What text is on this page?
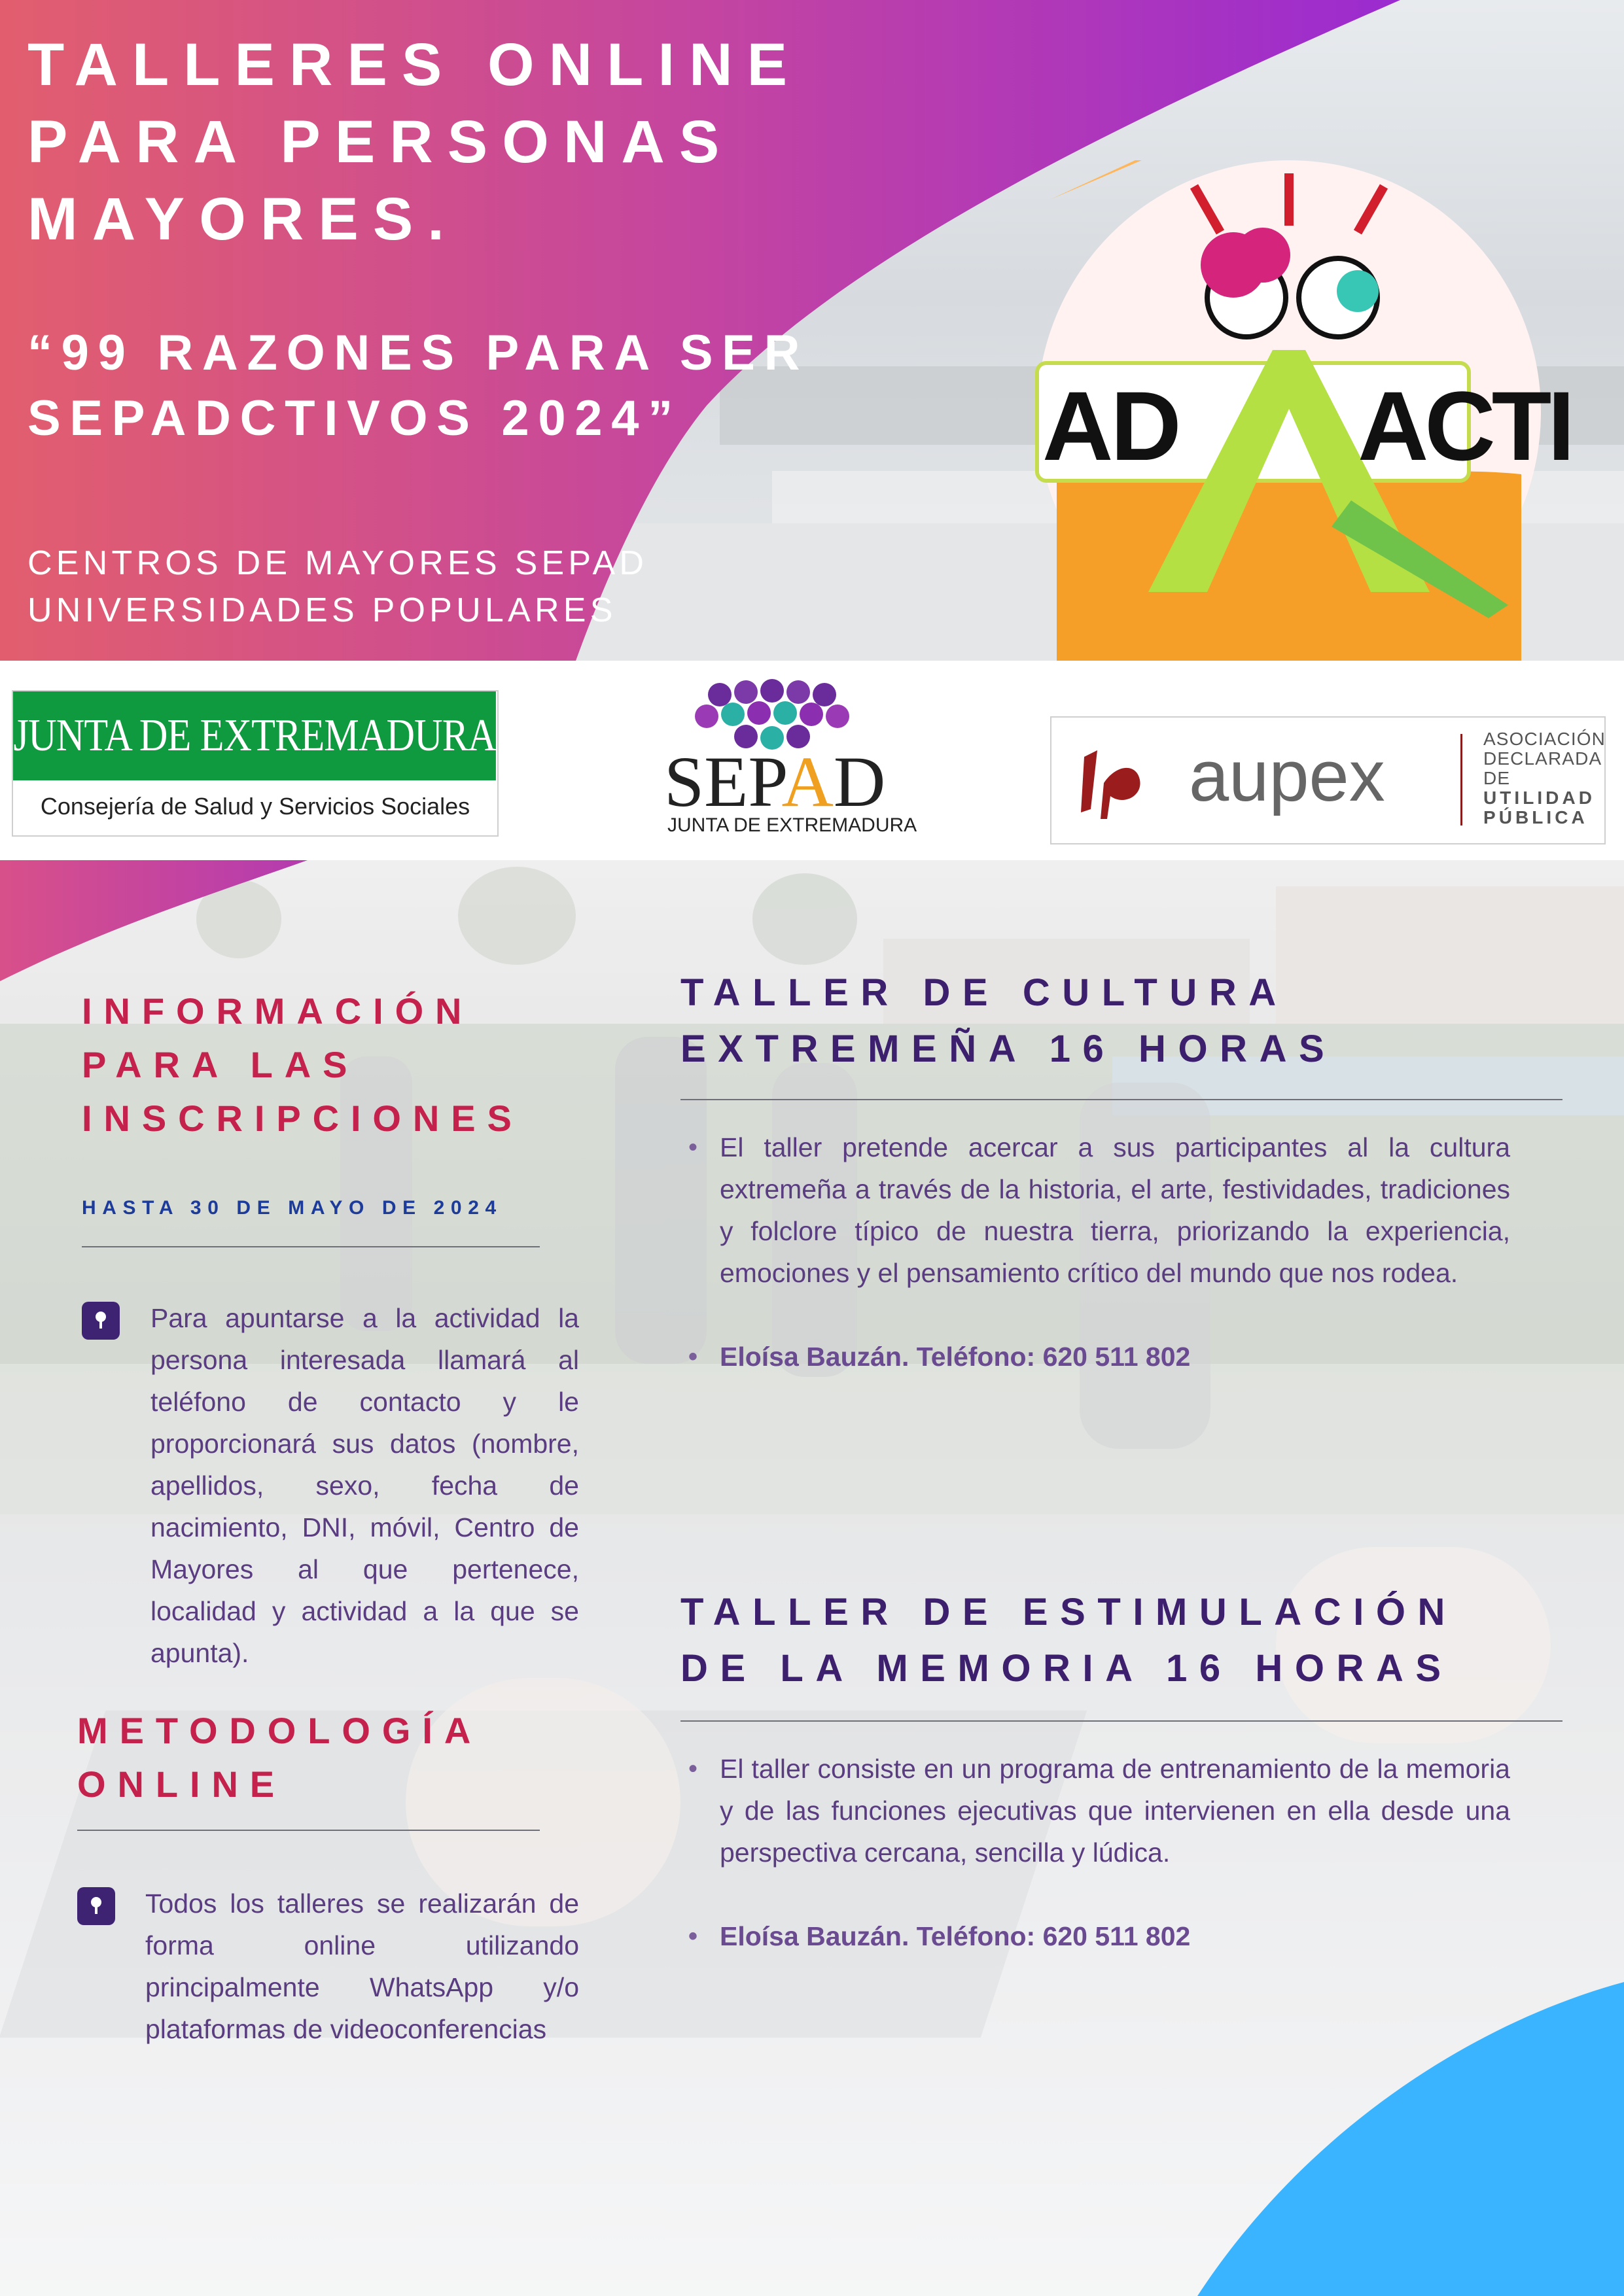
TALLERES ONLINE
PARA PERSONAS
MAYORES.
“99 RAZONES PARA SER
SEPADCTIVOS 2024”
CENTROS DE MAYORES SEPAD
UNIVERSIDADES POPULARES
AD ACTI
JUNTA DE EXTREMADURA
Consejería de Salud y Servicios Sociales	SEPAD
JUNTA DE EXTREMADURA
aupex	ASOCIACIÓN
DECLARADA
DE
UTILIDAD
PÚBLICA
INFORMACIÓN
PARA LAS
INSCRIPCIONES
HASTA 30 DE MAYO DE 2024

Para apuntarse a la actividad la persona interesada llamará al teléfono de contacto y le proporcionará sus datos (nombre, apellidos, sexo, fecha de nacimiento, DNI, móvil, Centro de Mayores al que pertenece, localidad y actividad a la que se apunta).

METODOLOGÍA
ONLINE

Todos los talleres se realizarán de forma online utilizando principalmente WhatsApp y/o plataformas de videoconferencias

TALLER DE CULTURA
EXTREMEÑA 16 HORAS
• El taller pretende acercar a sus participantes al la cultura extremeña a través de la historia, el arte, festividades, tradiciones y folclore típico de nuestra tierra, priorizando la experiencia, emociones y el pensamiento crítico del mundo que nos rodea.
• Eloísa Bauzán. Teléfono: 620 511 802
TALLER DE ESTIMULACIÓN
DE LA MEMORIA 16 HORAS
• El taller consiste en un programa de entrenamiento de la memoria y de las funciones ejecutivas que intervienen en ella desde una perspectiva cercana, sencilla y lúdica.
• Eloísa Bauzán. Teléfono: 620 511 802
